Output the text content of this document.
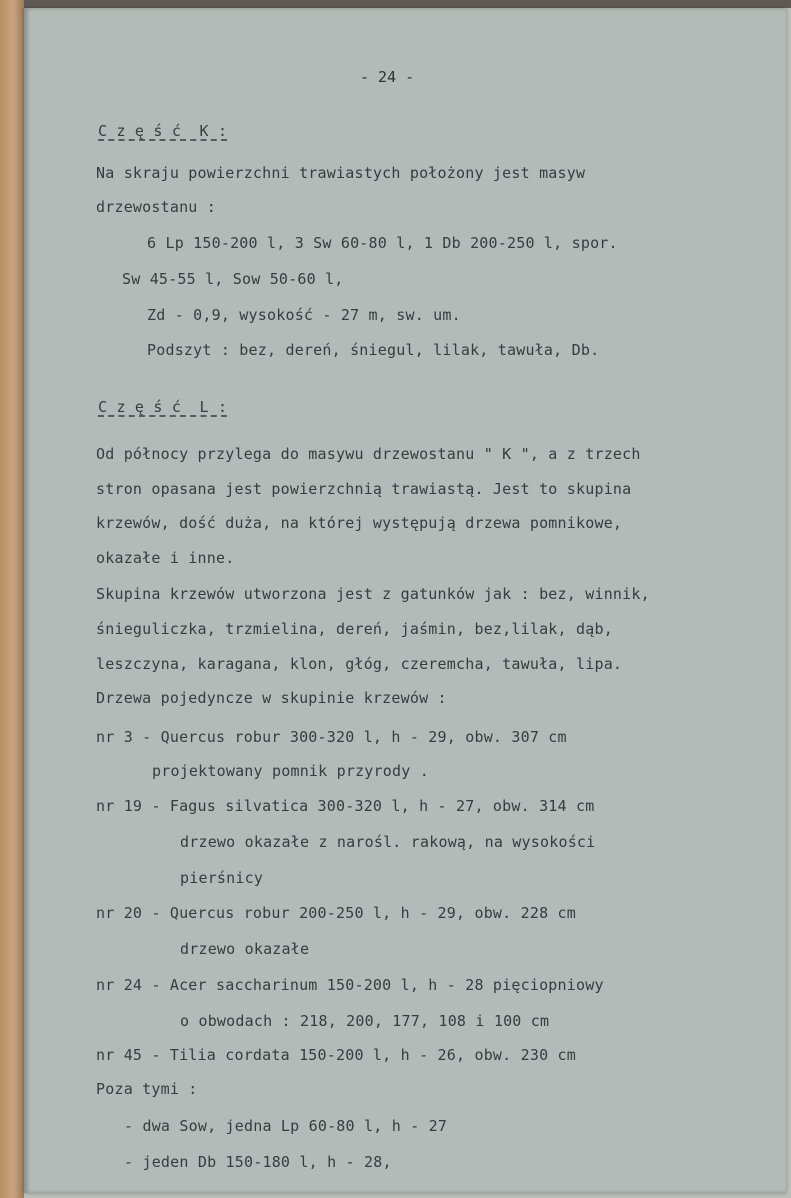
- 24 -
C z ę ś ć  K :
Na skraju powierzchni trawiastych położony jest masyw
drzewostanu :
6 Lp 150-200 l, 3 Sw 60-80 l, 1 Db 200-250 l, spor.
Sw 45-55 l, Sow 50-60 l,
Zd - 0,9, wysokość - 27 m, sw. um.
Podszyt : bez, dereń, śniegul, lilak, tawuła, Db.
C z ę ś ć  L :
Od północy przylega do masywu drzewostanu " K ", a z trzech
stron opasana jest powierzchnią trawiastą. Jest to skupina
krzewów, dość duża, na której występują drzewa pomnikowe,
okazałe i inne.
Skupina krzewów utworzona jest z gatunków jak : bez, winnik,
śnieguliczka, trzmielina, dereń, jaśmin, bez,lilak, dąb,
leszczyna, karagana, klon, głóg, czeremcha, tawuła, lipa.
Drzewa pojedyncze w skupinie krzewów :
nr 3 - Quercus robur 300-320 l, h - 29, obw. 307 cm
projektowany pomnik przyrody .
nr 19 - Fagus silvatica 300-320 l, h - 27, obw. 314 cm
drzewo okazałe z narośl. rakową, na wysokości
pierśnicy
nr 20 - Quercus robur 200-250 l, h - 29, obw. 228 cm
drzewo okazałe
nr 24 - Acer saccharinum 150-200 l, h - 28 pięciopniowy
o obwodach : 218, 200, 177, 108 i 100 cm
nr 45 - Tilia cordata 150-200 l, h - 26, obw. 230 cm
Poza tymi :
- dwa Sow, jedna Lp 60-80 l, h - 27
- jeden Db 150-180 l, h - 28,
